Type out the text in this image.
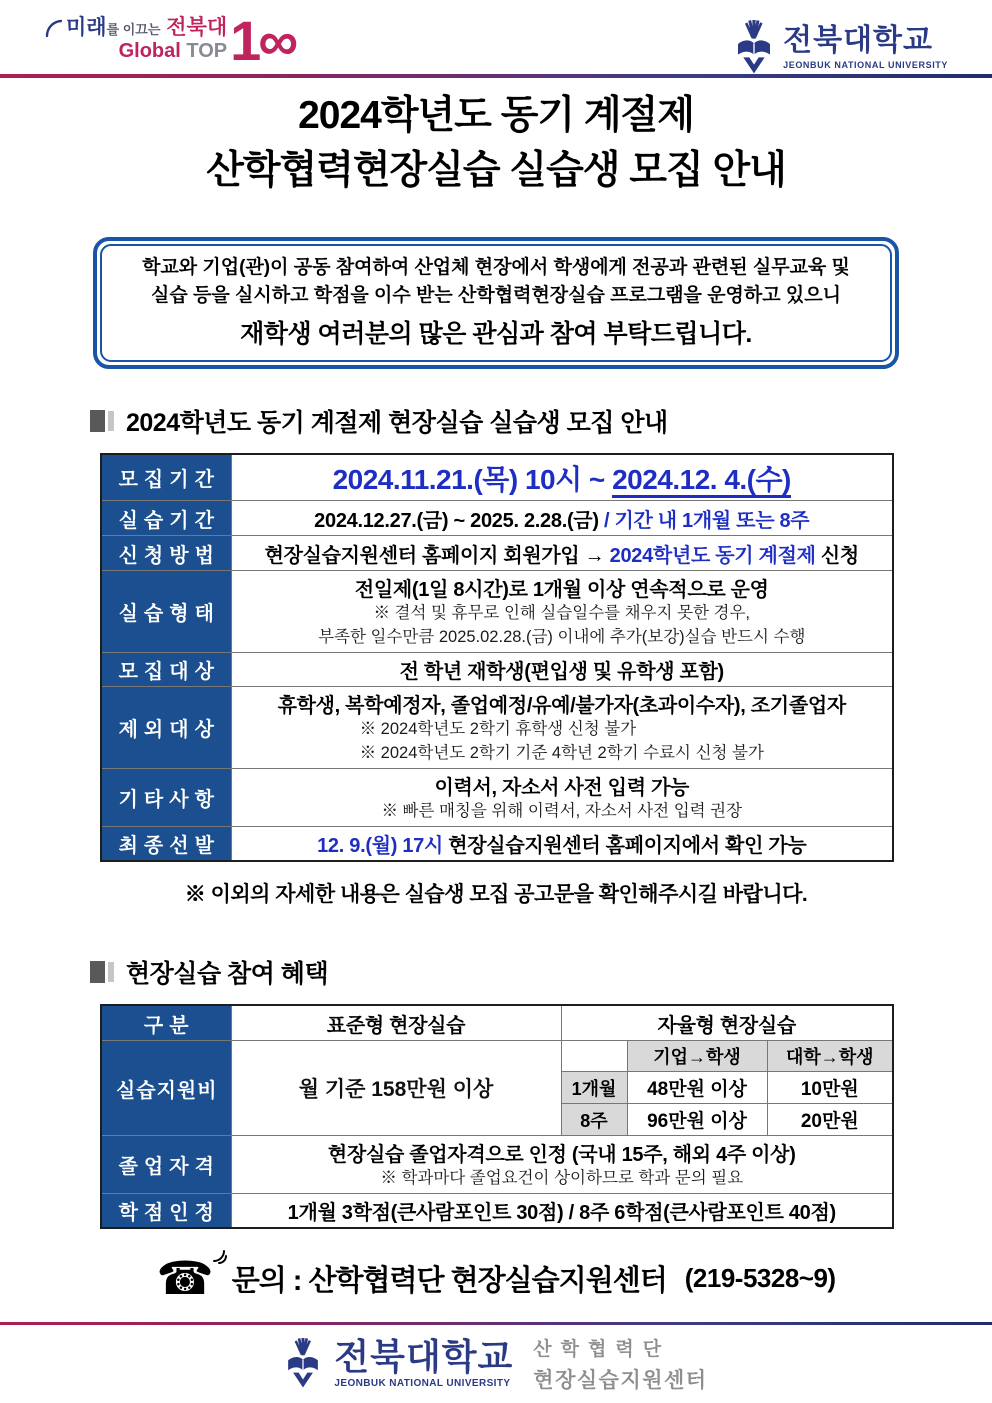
미래를 이끄는 전북대
Global TOP 1∞	전북대학교
JEONBUK NATIONAL UNIVERSITY
2024학년도 동기 계절제
산학협력현장실습 실습생 모집 안내
학교와 기업(관)이 공동 참여하여 산업체 현장에서 학생에게 전공과 관련된 실무교육 및
실습 등을 실시하고 학점을 이수 받는 산학협력현장실습 프로그램을 운영하고 있으니
재학생 여러분의 많은 관심과 참여 부탁드립니다.
2024학년도 동기 계절제 현장실습 실습생 모집 안내
모집기간	2024.11.21.(목) 10시 ~ 2024.12. 4.(수)
실습기간	2024.12.27.(금) ~ 2025. 2.28.(금) / 기간 내 1개월 또는 8주
신청방법	현장실습지원센터 홈페이지 회원가입 → 2024학년도 동기 계절제 신청
실습형태	전일제(1일 8시간)로 1개월 이상 연속적으로 운영
※ 결석 및 휴무로 인해 실습일수를 채우지 못한 경우,
부족한 일수만큼 2025.02.28.(금) 이내에 추가(보강)실습 반드시 수행

모집대상	전 학년 재학생(편입생 및 유학생 포함)
제외대상	휴학생, 복학예정자, 졸업예정/유예/불가자(초과이수자), 조기졸업자
※ 2024학년도 2학기 휴학생 신청 불가
※ 2024학년도 2학기 기준 4학년 2학기 수료시 신청 불가

기타사항	이력서, 자소서 사전 입력 가능
※ 빠른 매칭을 위해 이력서, 자소서 사전 입력 권장

최종선발	12. 9.(월) 17시 현장실습지원센터 홈페이지에서 확인 가능
※ 이외의 자세한 내용은 실습생 모집 공고문을 확인해주시길 바랍니다.
현장실습 참여 혜택
구분	표준형 현장실습	자율형 현장실습		
실습지원비	월 기준 158만원 이상		기업→학생	대학→학생
		1개월	48만원 이상	10만원
		8주	96만원 이상	20만원
졸업자격	현장실습 졸업자격으로 인정 (국내 15주, 해외 4주 이상)
※ 학과마다 졸업요건이 상이하므로 학과 문의 필요			

학점인정	1개월 3학점(큰사람포인트 30점) / 8주 6학점(큰사람포인트 40점)			
☎ 문의 : 산학협력단 현장실습지원센터 (219-5328~9)
전북대학교
JEONBUK NATIONAL UNIVERSITY
산학협력단
현장실습지원센터
